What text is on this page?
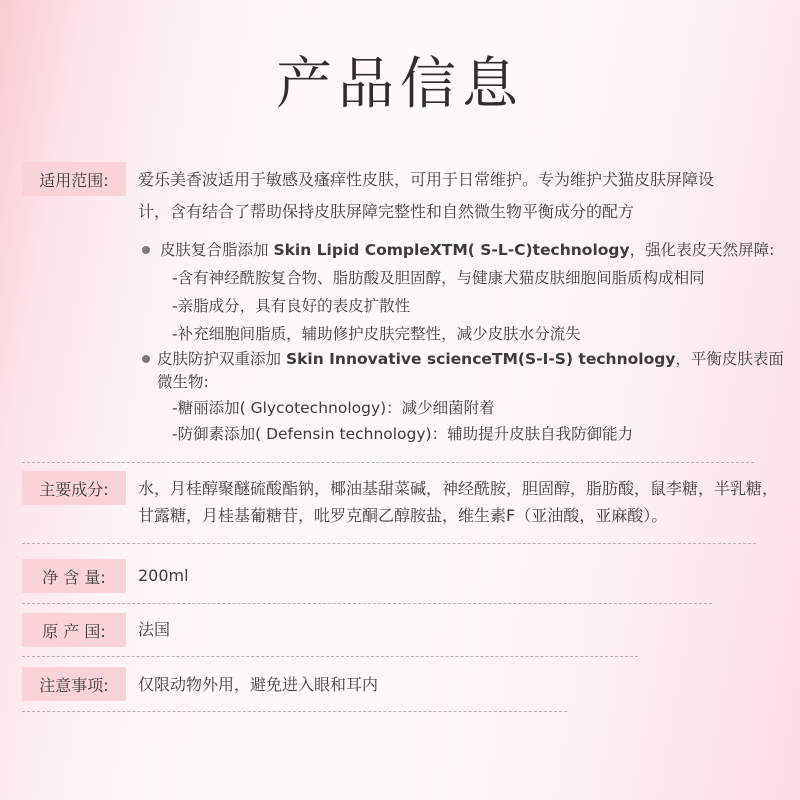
产品信息
适用范围:	爱乐美香波适用于敏感及瘙痒性皮肤，可用于日常维护。专为维护犬猫皮肤屏障设
计，含有结合了帮助保持皮肤屏障完整性和自然微生物平衡成分的配方
皮肤复合脂添加 Skin Lipid CompleXTM( S-L-C)technology，强化表皮天然屏障:
-含有神经酰胺复合物、脂肪酸及胆固醇，与健康犬猫皮肤细胞间脂质构成相同
-亲脂成分，具有良好的表皮扩散性
-补充细胞间脂质，辅助修护皮肤完整性，减少皮肤水分流失
皮肤防护双重添加 Skin Innovative scienceTM(S-I-S) technology，平衡皮肤表面
微生物:
-糖丽添加( Glycotechnology)：减少细菌附着
-防御素添加( Defensin technology)：辅助提升皮肤自我防御能力
主要成分:	水，月桂醇聚醚硫酸酯钠，椰油基甜菜碱，神经酰胺，胆固醇，脂肪酸，鼠李糖，半乳糖，
甘露糖，月桂基葡糖苷，吡罗克酮乙醇胺盐，维生素F（亚油酸，亚麻酸）。
净 含 量:	200ml
原 产 国:	法国
注意事项:	仅限动物外用，避免进入眼和耳内
